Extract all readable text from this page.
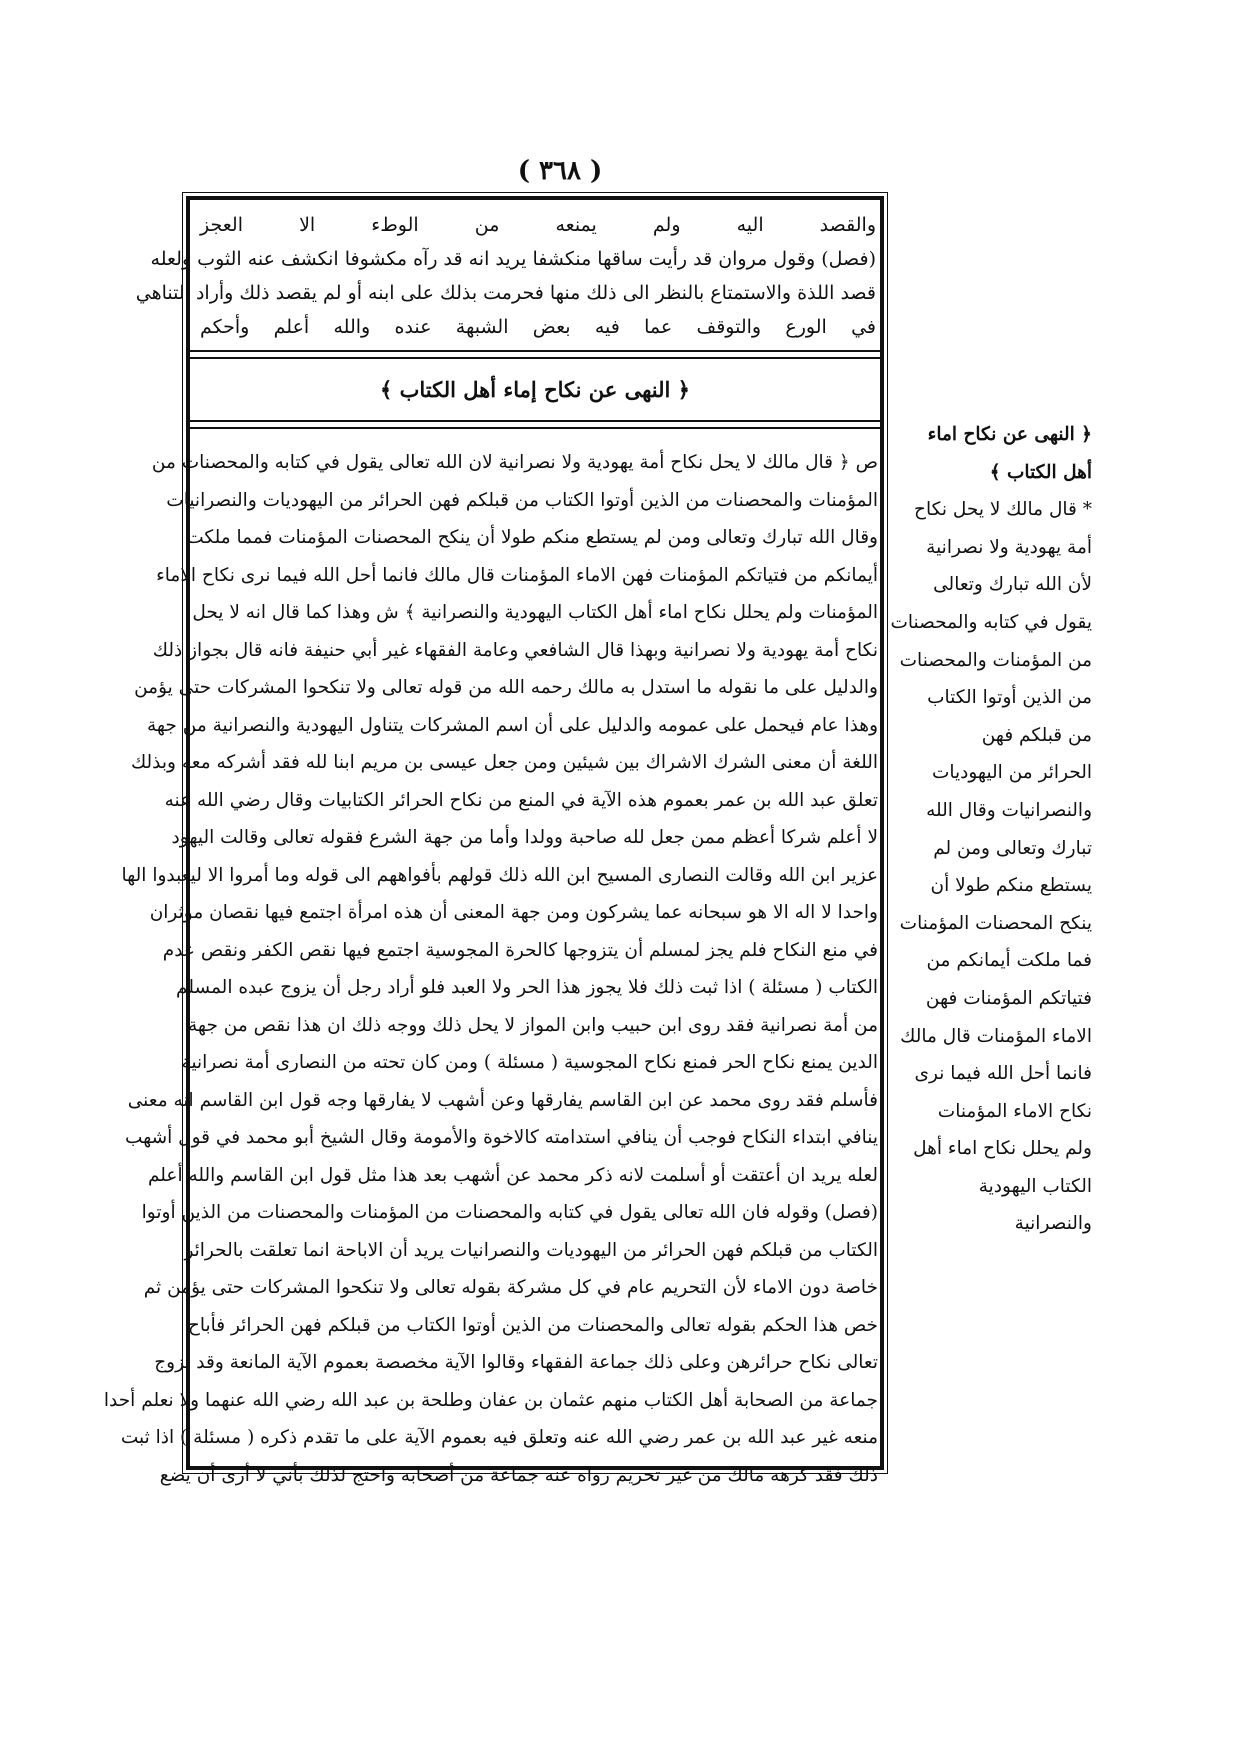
( ٣٦٨ )
والقصد اليه ولم يمنعه من الوطء الا العجز
(فصل) وقول مروان قد رأيت ساقها منكشفا يريد انه قد رآه مكشوفا انكشف عنه الثوب ولعله
قصد اللذة والاستمتاع بالنظر الى ذلك منها فحرمت بذلك على ابنه أو لم يقصد ذلك وأراد التناهي
في الورع والتوقف عما فيه بعض الشبهة عنده والله أعلم وأحكم
﴿ النهى عن نكاح إماء أهل الكتاب ﴾
ص ﴿ قال مالك لا يحل نكاح أمة يهودية ولا نصرانية لان الله تعالى يقول في كتابه والمحصنات من
المؤمنات والمحصنات من الذين أوتوا الكتاب من قبلكم فهن الحرائر من اليهوديات والنصرانيات
وقال الله تبارك وتعالى ومن لم يستطع منكم طولا أن ينكح المحصنات المؤمنات فمما ملكت
أيمانكم من فتياتكم المؤمنات فهن الاماء المؤمنات قال مالك فانما أحل الله فيما نرى نكاح الاماء
المؤمنات ولم يحلل نكاح اماء أهل الكتاب اليهودية والنصرانية ﴾ ش وهذا كما قال انه لا يحل
نكاح أمة يهودية ولا نصرانية وبهذا قال الشافعي وعامة الفقهاء غير أبي حنيفة فانه قال بجواز ذلك
والدليل على ما نقوله ما استدل به مالك رحمه الله من قوله تعالى ولا تنكحوا المشركات حتى يؤمن
وهذا عام فيحمل على عمومه والدليل على أن اسم المشركات يتناول اليهودية والنصرانية من جهة
اللغة أن معنى الشرك الاشراك بين شيئين ومن جعل عيسى بن مريم ابنا لله فقد أشركه معه وبذلك
تعلق عبد الله بن عمر بعموم هذه الآية في المنع من نكاح الحرائر الكتابيات وقال رضي الله عنه
لا أعلم شركا أعظم ممن جعل لله صاحبة وولدا وأما من جهة الشرع فقوله تعالى وقالت اليهود
عزير ابن الله وقالت النصارى المسيح ابن الله ذلك قولهم بأفواههم الى قوله وما أمروا الا ليعبدوا الها
واحدا لا اله الا هو سبحانه عما يشركون ومن جهة المعنى أن هذه امرأة اجتمع فيها نقصان مؤثران
في منع النكاح فلم يجز لمسلم أن يتزوجها كالحرة المجوسية اجتمع فيها نقص الكفر ونقص عدم
الكتاب ( مسئلة ) اذا ثبت ذلك فلا يجوز هذا الحر ولا العبد فلو أراد رجل أن يزوج عبده المسلم
من أمة نصرانية فقد روى ابن حبيب وابن المواز لا يحل ذلك ووجه ذلك ان هذا نقص من جهة
الدين يمنع نكاح الحر فمنع نكاح المجوسية ( مسئلة ) ومن كان تحته من النصارى أمة نصرانية
فأسلم فقد روى محمد عن ابن القاسم يفارقها وعن أشهب لا يفارقها وجه قول ابن القاسم انه معنى
ينافي ابتداء النكاح فوجب أن ينافي استدامته كالاخوة والأمومة وقال الشيخ أبو محمد في قول أشهب
لعله يريد ان أعتقت أو أسلمت لانه ذكر محمد عن أشهب بعد هذا مثل قول ابن القاسم والله أعلم
(فصل) وقوله فان الله تعالى يقول في كتابه والمحصنات من المؤمنات والمحصنات من الذين أوتوا
الكتاب من قبلكم فهن الحرائر من اليهوديات والنصرانيات يريد أن الاباحة انما تعلقت بالحرائر
خاصة دون الاماء لأن التحريم عام في كل مشركة بقوله تعالى ولا تنكحوا المشركات حتى يؤمن ثم
خص هذا الحكم بقوله تعالى والمحصنات من الذين أوتوا الكتاب من قبلكم فهن الحرائر فأباح
تعالى نكاح حرائرهن وعلى ذلك جماعة الفقهاء وقالوا الآية مخصصة بعموم الآية المانعة وقد تزوج
جماعة من الصحابة أهل الكتاب منهم عثمان بن عفان وطلحة بن عبد الله رضي الله عنهما ولا نعلم أحدا
منعه غير عبد الله بن عمر رضي الله عنه وتعلق فيه بعموم الآية على ما تقدم ذكره ( مسئلة ) اذا ثبت
ذلك فقد كرهه مالك من غير تحريم رواه عنه جماعة من أصحابه واحتج لذلك بأني لا أرى أن يضع
﴿ النهى عن نكاح اماء
أهل الكتاب ﴾
* قال مالك لا يحل نكاح
أمة يهودية ولا نصرانية
لأن الله تبارك وتعالى
يقول في كتابه والمحصنات
من المؤمنات والمحصنات
من الذين أوتوا الكتاب
من قبلكم فهن
الحرائر من اليهوديات
والنصرانيات وقال الله
تبارك وتعالى ومن لم
يستطع منكم طولا أن
ينكح المحصنات المؤمنات
فما ملكت أيمانكم من
فتياتكم المؤمنات فهن
الاماء المؤمنات قال مالك
فانما أحل الله فيما نرى
نكاح الاماء المؤمنات
ولم يحلل نكاح اماء أهل
الكتاب اليهودية
والنصرانية
